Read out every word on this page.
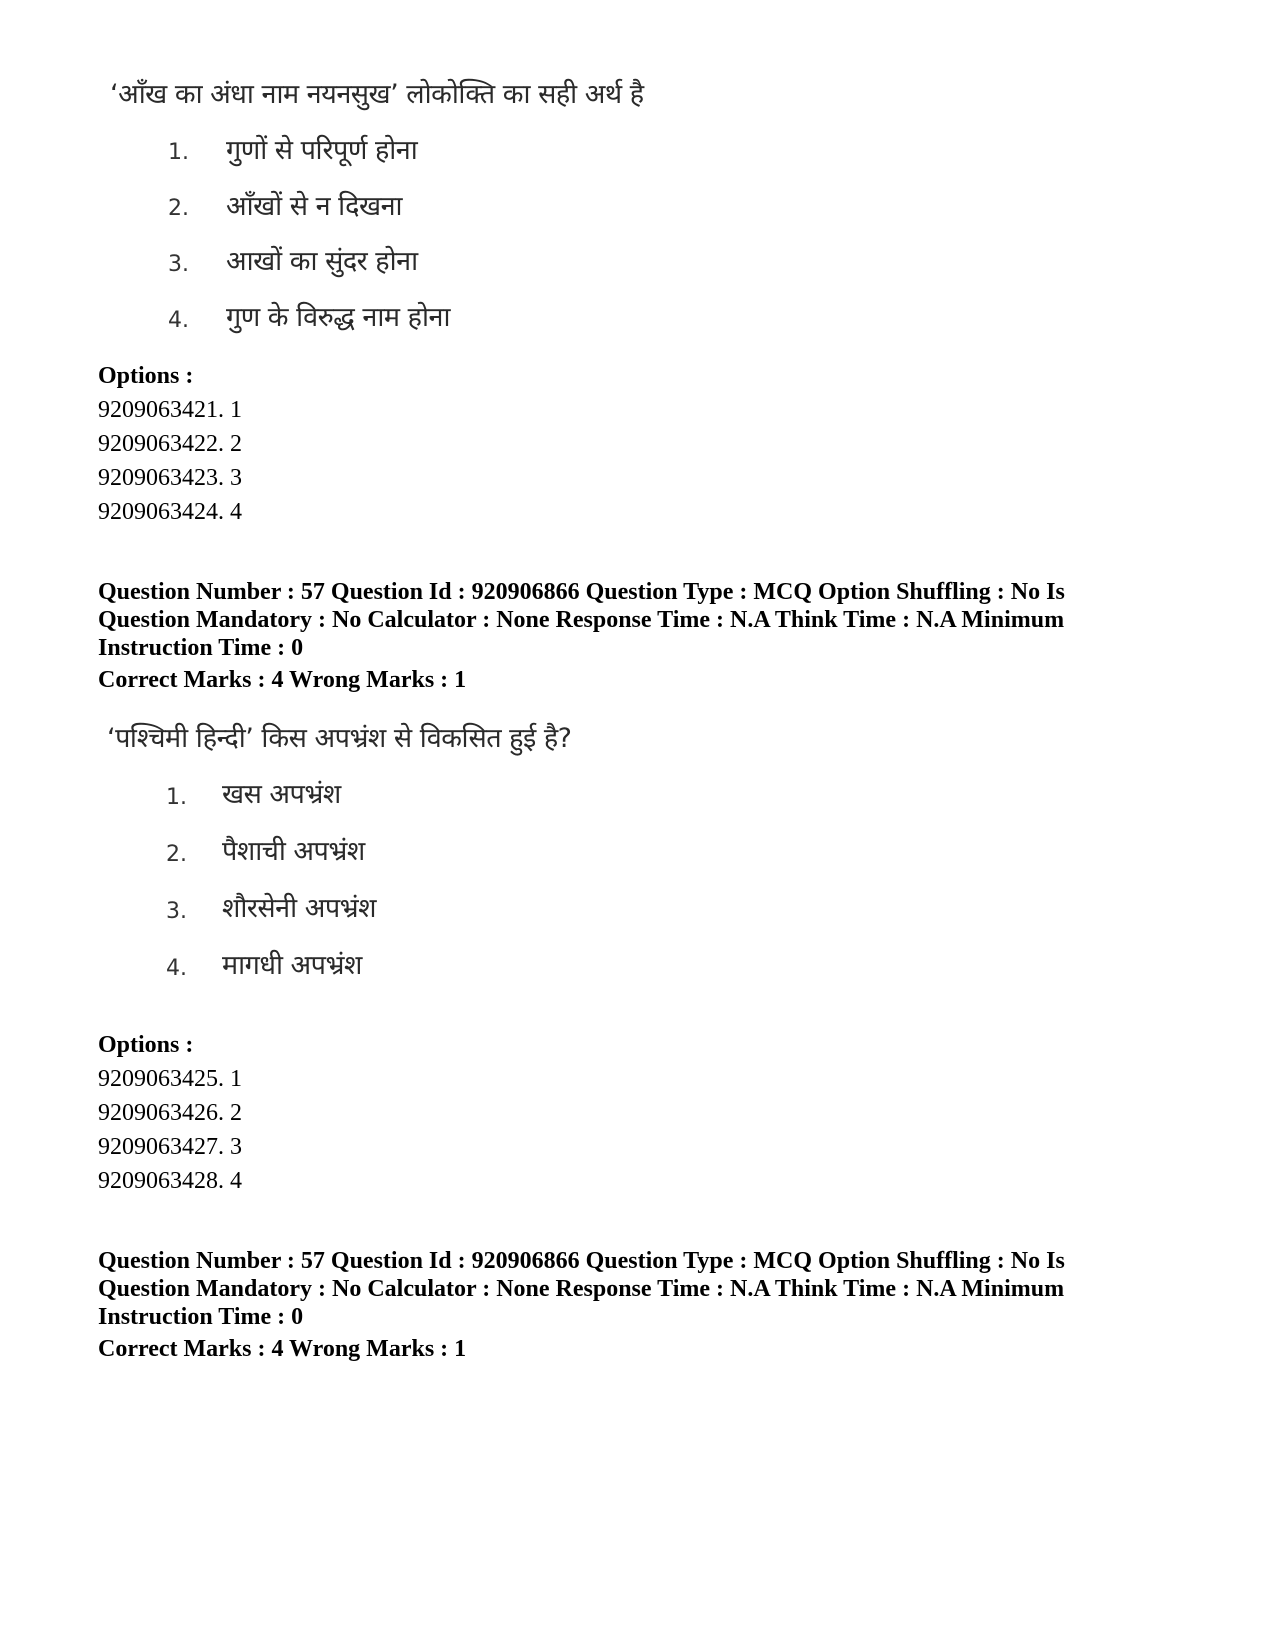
‘आँख का अंधा नाम नयनसुख’ लोकोक्ति का सही अर्थ है
1. गुणों से परिपूर्ण होना
2. आँखों से न दिखना
3. आखों का सुंदर होना
4. गुण के विरुद्ध नाम होना
Options :
9209063421. 1
9209063422. 2
9209063423. 3
9209063424. 4
Question Number : 57 Question Id : 920906866 Question Type : MCQ Option Shuffling : No Is
Question Mandatory : No Calculator : None Response Time : N.A Think Time : N.A Minimum
Instruction Time : 0
Correct Marks : 4 Wrong Marks : 1
‘पश्चिमी हिन्दी’ किस अपभ्रंश से विकसित हुई है?
1. खस अपभ्रंश
2. पैशाची अपभ्रंश
3. शौरसेनी अपभ्रंश
4. मागधी अपभ्रंश
Options :
9209063425. 1
9209063426. 2
9209063427. 3
9209063428. 4
Question Number : 57 Question Id : 920906866 Question Type : MCQ Option Shuffling : No Is
Question Mandatory : No Calculator : None Response Time : N.A Think Time : N.A Minimum
Instruction Time : 0
Correct Marks : 4 Wrong Marks : 1
